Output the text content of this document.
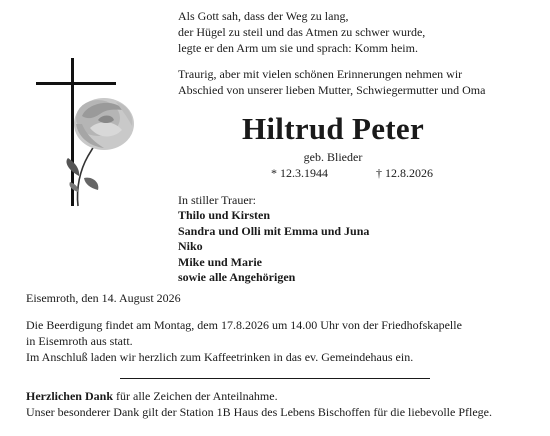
Als Gott sah, dass der Weg zu lang,
der Hügel zu steil und das Atmen zu schwer wurde,
legte er den Arm um sie und sprach: Komm heim.
Traurig, aber mit vielen schönen Erinnerungen nehmen wir
Abschied von unserer lieben Mutter, Schwiegermutter und Oma
Hiltrud Peter
geb. Blieder
* 12.3.1944	† 12.8.2026
In stiller Trauer:
Thilo und Kirsten
Sandra und Olli mit Emma und Juna
Niko
Mike und Marie
sowie alle Angehörigen
Eisemroth, den 14. August 2026
Die Beerdigung findet am Montag, dem 17.8.2026 um 14.00 Uhr von der Friedhofskapelle
in Eisemroth aus statt.
Im Anschluß laden wir herzlich zum Kaffeetrinken in das ev. Gemeindehaus ein.
Herzlichen Dank für alle Zeichen der Anteilnahme.
Unser besonderer Dank gilt der Station 1B Haus des Lebens Bischoffen für die liebevolle Pflege.
